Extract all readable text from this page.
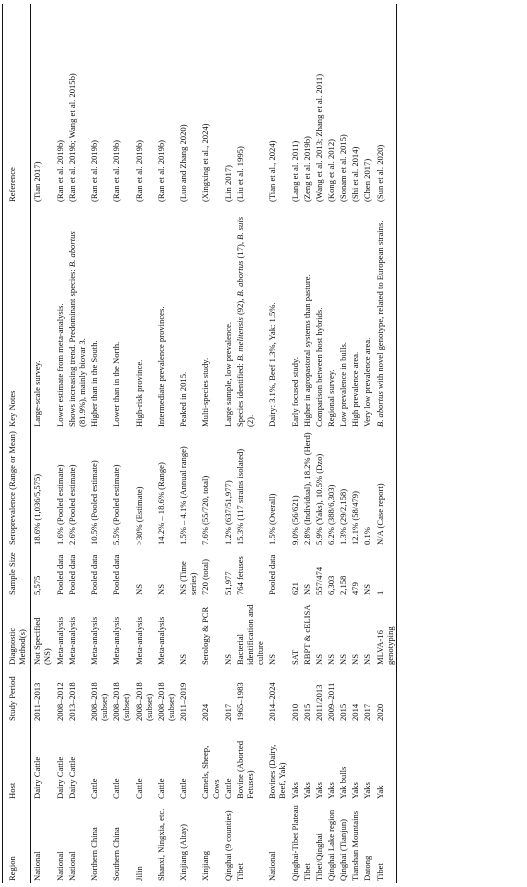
Region	Host	Study Period	Diagnostic Method(s)	Sample Size	Seroprevalence (Range or Mean)	Key Notes	Reference
National	Dairy Cattle	2011–2013	Not Specified (NS)	5,575	18.6% (1,036/5,575)	Large-scale survey.	(Tian 2017)
National	Dairy Cattle	2008–2012	Meta-analysis	Pooled data	1.6% (Pooled estimate)	Lower estimate from meta-analysis.	(Ran et al. 2019b)
National	Dairy Cattle	2013–2018	Meta-analysis	Pooled data	2.6% (Pooled estimate)	Shows increasing trend. Predominant species: B. abortus (81.9%), mainly biovar 3.	(Ran et al. 2019b; Wang et al. 2015b)
Northern China	Cattle	2008–2018 (subset)	Meta-analysis	Pooled data	10.5% (Pooled estimate)	Higher than in the South.	(Ran et al. 2019b)
Southern China	Cattle	2008–2018 (subset)	Meta-analysis	Pooled data	5.5% (Pooled estimate)	Lower than in the North.	(Ran et al. 2019b)
Jilin	Cattle	2008–2018 (subset)	Meta-analysis	NS	>30% (Estimate)	High-risk province.	(Ran et al. 2019b)
Shanxi, Ningxia, etc.	Cattle	2008–2018 (subset)	Meta-analysis	NS	14.2% – 18.6% (Range)	Intermediate prevalence provinces.	(Ran et al. 2019b)
Xinjiang (Altay)	Cattle	2011–2019	NS	NS (Time series)	1.5% – 4.1% (Annual range)	Peaked in 2015.	(Luo and Zhang 2020)
Xinjiang	Camels, Sheep, Cows	2024	Serology & PCR	720 (total)	7.6% (55/720, total)	Multi-species study.	(Xingxing et al., 2024)
Qinghai (9 counties)	Cattle	2017	NS	51,977	1.2% (637/51,977)	Large sample, low prevalence.	(Lin 2017)
Tibet	Bovine (Aborted Fetuses)	1965–1983	Bacterial identification and culture	764 fetuses	15.3% (117 strains isolated)	Species identified: B. melitensis (92), B. abortus (17), B. suis (2).	(Liu et al. 1995)
National	Bovines (Dairy, Beef, Yak)	2014–2024	NS	Pooled data	1.5% (Overall)	Dairy: 3.1%, Beef 1.3%, Yak: 1.5%.	(Tian et al., 2024)
Qinghai-Tibet Plateau	Yaks	2010	SAT	621	9.0% (56/621)	Early focused study.	(Lang et al. 2011)
Tibet	Yaks	2015	RBPT & cELISA	NS	2.8% (Individual), 18.2% (Herd)	Higher in agropastoral systems than pasture.	(Zeng et al. 2019b)
Tibet/Qinghai	Yaks	2011/2013	NS	557/474	5.9% (Yaks), 10.5% (Dzo)	Comparison between host hybrids.	(Wang et al. 2013; Zhang et al. 2011)
Qinghai Lake region	Yaks	2009–2011	NS	6,303	6.2% (388/6,303)	Regional survey.	(Kong et al. 2012)
Qinghai (Tianjun)	Yak bulls	2015	NS	2,158	1.3% (29/2,158)	Low prevalence in bulls.	(Sonam et al. 2015)
Tianshan Mountains	Yaks	2014	NS	479	12.1% (58/479)	High prevalence area.	(Shi et al. 2014)
Datong	Yaks	2017	NS	NS	0.1%	Very low prevalence area.	(Chen 2017)
Tibet	Yak	2020	MLVA-16 genotyping	1	N/A (Case report)	B. abortus with novel genotype, related to European strains.	(Sun et al. 2020)
